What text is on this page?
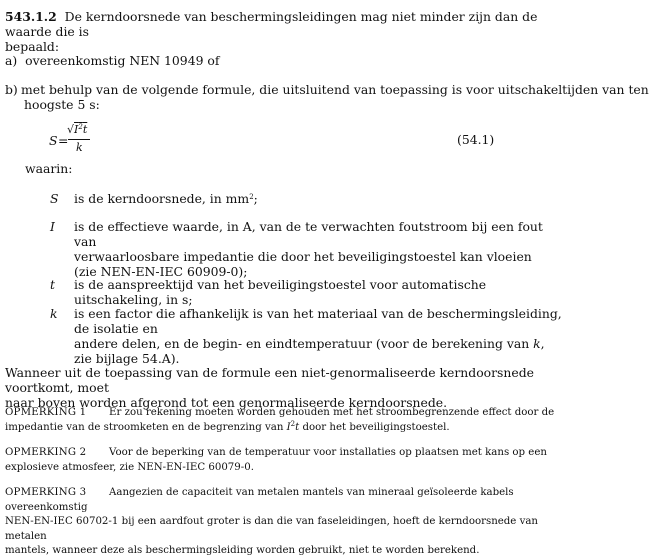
543.1.2 De kerndoorsnede van beschermingsleidingen mag niet minder zijn dan de waarde die is
bepaald:
a) overeenkomstig NEN 10949 of
b) met behulp van de volgende formule, die uitsluitend van toepassing is voor uitschakeltijden van ten
hoogste 5 s:
S =
$√I^2t$
k
(54.1)
waarin:
S is de kerndoorsnede, in $mm^2$;
I is de effectieve waarde, in A, van de te verwachten foutstroom bij een fout van
verwaarloosbare impedantie die door het beveiligingstoestel kan vloeien
(zie NEN-EN-IEC 60909-0);
t is de aanspreektijd van het beveiligingstoestel voor automatische uitschakeling, in s;
k is een factor die afhankelijk is van het materiaal van de beschermingsleiding, de isolatie en
andere delen, en de begin- en eindtemperatuur (voor de berekening van k,
zie bijlage 54.A).
Wanneer uit de toepassing van de formule een niet-genormaliseerde kerndoorsnede voortkomt, moet
naar boven worden afgerond tot een genormaliseerde kerndoorsnede.
OPMERKING 1 Er zou rekening moeten worden gehouden met het stroombegrenzende effect door de
impedantie van de stroomketen en de begrenzing van $I^2t$ door het beveiligingstoestel.
OPMERKING 2 Voor de beperking van de temperatuur voor installaties op plaatsen met kans op een
explosieve atmosfeer, zie NEN-EN-IEC 60079-0.
OPMERKING 3 Aangezien de capaciteit van metalen mantels van mineraal geïsoleerde kabels overeenkomstig
NEN-EN-IEC 60702-1 bij een aardfout groter is dan die van faseleidingen, hoeft de kerndoorsnede van metalen
mantels, wanneer deze als beschermingsleiding worden gebruikt, niet te worden berekend.
